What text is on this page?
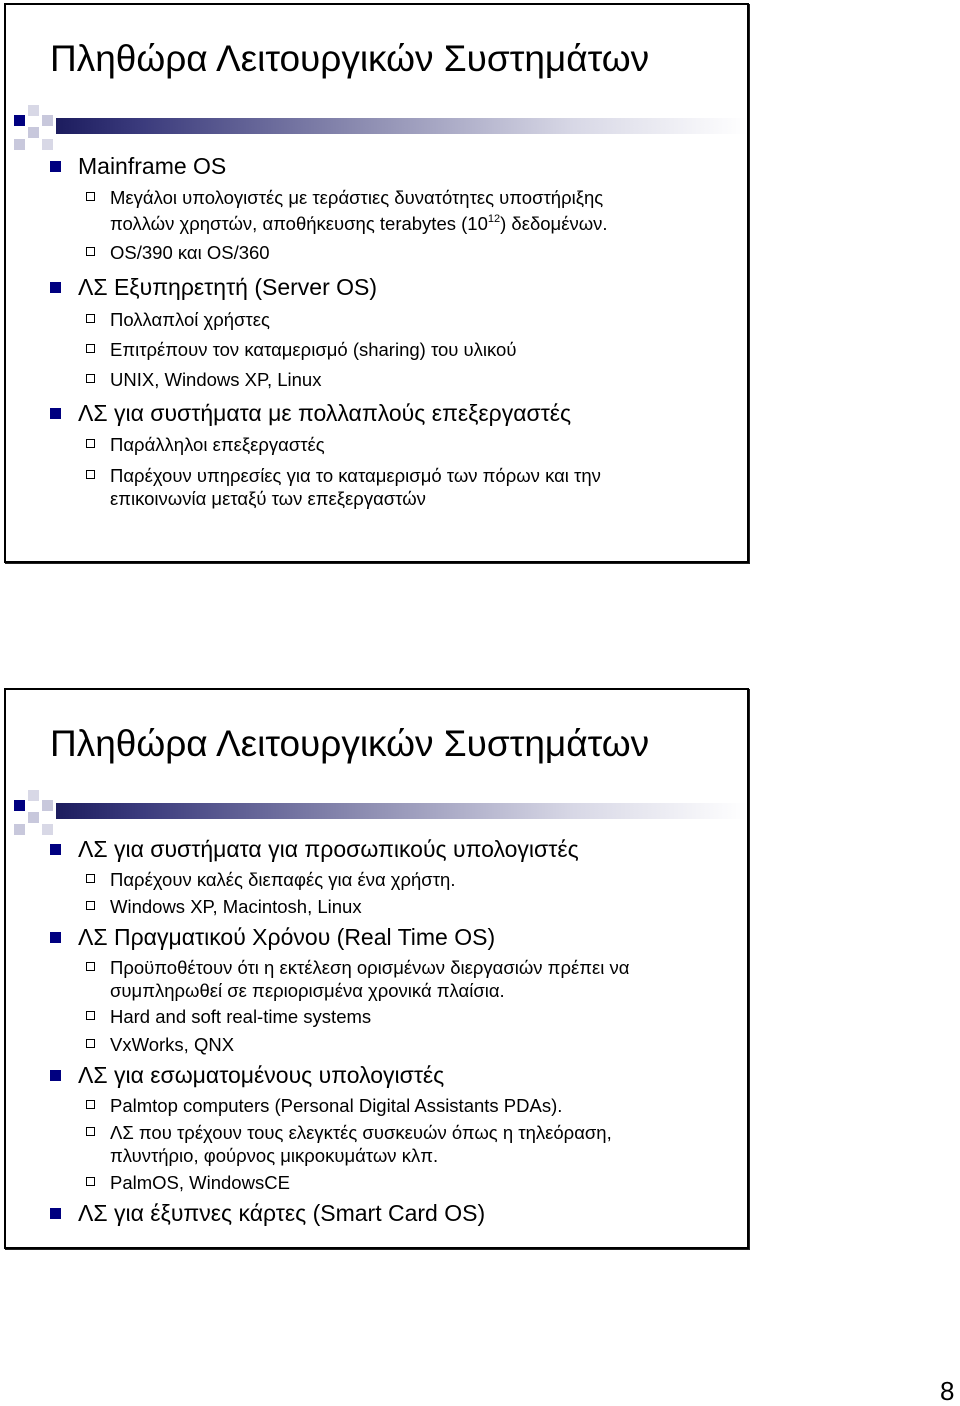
Πληθώρα Λειτουργικών Συστημάτων
Mainframe OS
Μεγάλοι υπολογιστές με τεράστιες δυνατότητες υποστήριξης
πολλών χρηστών, αποθήκευσης terabytes $(10^{12})$ δεδομένων.
OS/390 και OS/360
ΛΣ Εξυπηρετητή (Server OS)
Πολλαπλοί χρήστες
Επιτρέπουν τον καταμερισμό (sharing) του υλικού
UNIX, Windows XP, Linux
ΛΣ για συστήματα με πολλαπλούς επεξεργαστές
Παράλληλοι επεξεργαστές
Παρέχουν υπηρεσίες για το καταμερισμό των πόρων και την
επικοινωνία μεταξύ των επεξεργαστών
Πληθώρα Λειτουργικών Συστημάτων
ΛΣ για συστήματα για προσωπικούς υπολογιστές
Παρέχουν καλές διεπαφές για ένα χρήστη.
Windows XP, Macintosh, Linux
ΛΣ Πραγματικού Χρόνου (Real Time OS)
Προϋποθέτουν ότι η εκτέλεση ορισμένων διεργασιών πρέπει να
συμπληρωθεί σε περιορισμένα χρονικά πλαίσια.
Hard and soft real-time systems
VxWorks, QNX
ΛΣ για εσωματομένους υπολογιστές
Palmtop computers (Personal Digital Assistants PDAs).
ΛΣ που τρέχουν τους ελεγκτές συσκευών όπως η τηλεόραση,
πλυντήριο, φούρνος μικροκυμάτων κλπ.
PalmOS, WindowsCE
ΛΣ για έξυπνες κάρτες (Smart Card OS)
8
